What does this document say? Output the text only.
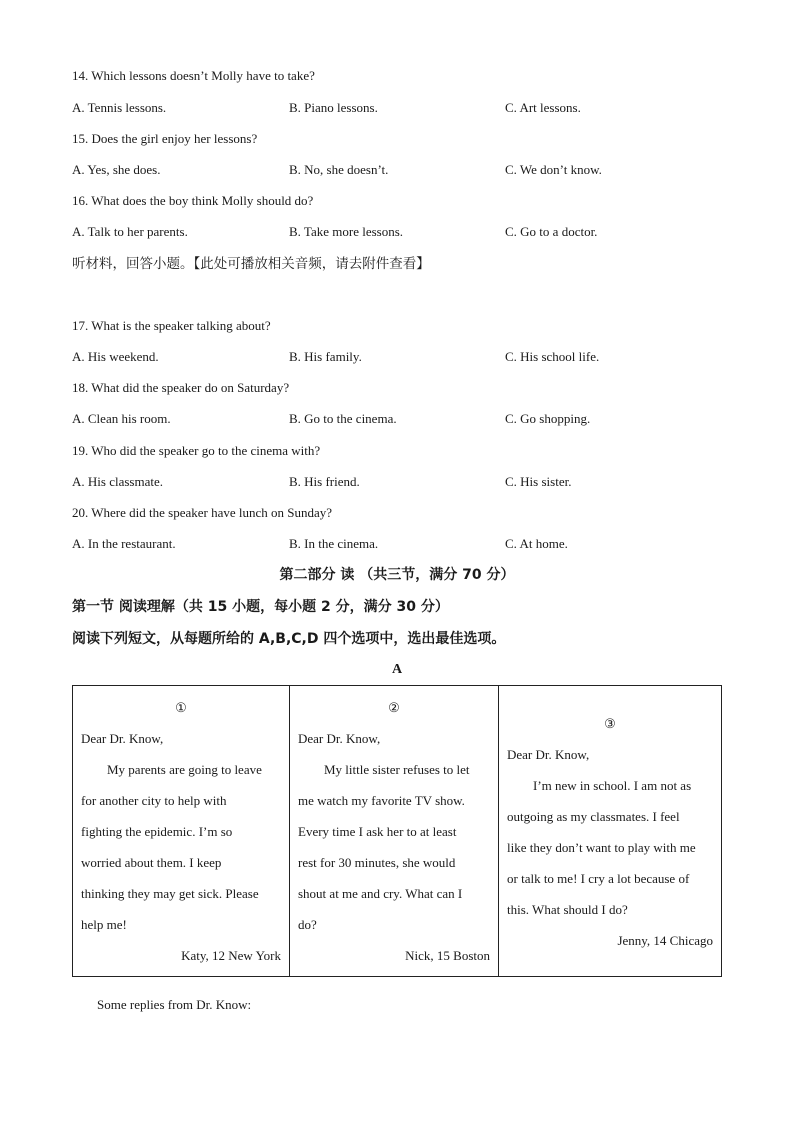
14. Which lessons doesn’t Molly have to take?
A. Tennis lessons.	B. Piano lessons.	C. Art lessons.
15. Does the girl enjoy her lessons?
A. Yes, she does.	B. No, she doesn’t.	C. We don’t know.
16. What does the boy think Molly should do?
A. Talk to her parents.	B. Take more lessons.	C. Go to a doctor.
听材料，回答小题。【此处可播放相关音频，请去附件查看】
17. What is the speaker talking about?
A. His weekend.	B. His family.	C. His school life.
18. What did the speaker do on Saturday?
A. Clean his room.	B. Go to the cinema.	C. Go shopping.
19. Who did the speaker go to the cinema with?
A. His classmate.	B. His friend.	C. His sister.
20. Where did the speaker have lunch on Sunday?
A. In the restaurant.	B. In the cinema.	C. At home.
第二部分 读 （共三节，满分 70 分）
第一节 阅读理解（共 15 小题，每小题 2 分，满分 30 分）
阅读下列短文，从每题所给的 A,B,C,D 四个选项中，选出最佳选项。
A
①
Dear Dr. Know,
My parents are going to leave
for another city to help with
fighting the epidemic. I’m so
worried about them. I keep
thinking they may get sick. Please
help me!
Katy, 12 New York

②
Dear Dr. Know,
My little sister refuses to let
me watch my favorite TV show.
Every time I ask her to at least
rest for 30 minutes, she would
shout at me and cry. What can I
do?
Nick, 15 Boston

③
Dear Dr. Know,
I’m new in school. I am not as
outgoing as my classmates. I feel
like they don’t want to play with me
or talk to me! I cry a lot because of
this. What should I do?
Jenny, 14 Chicago
Some replies from Dr. Know:
